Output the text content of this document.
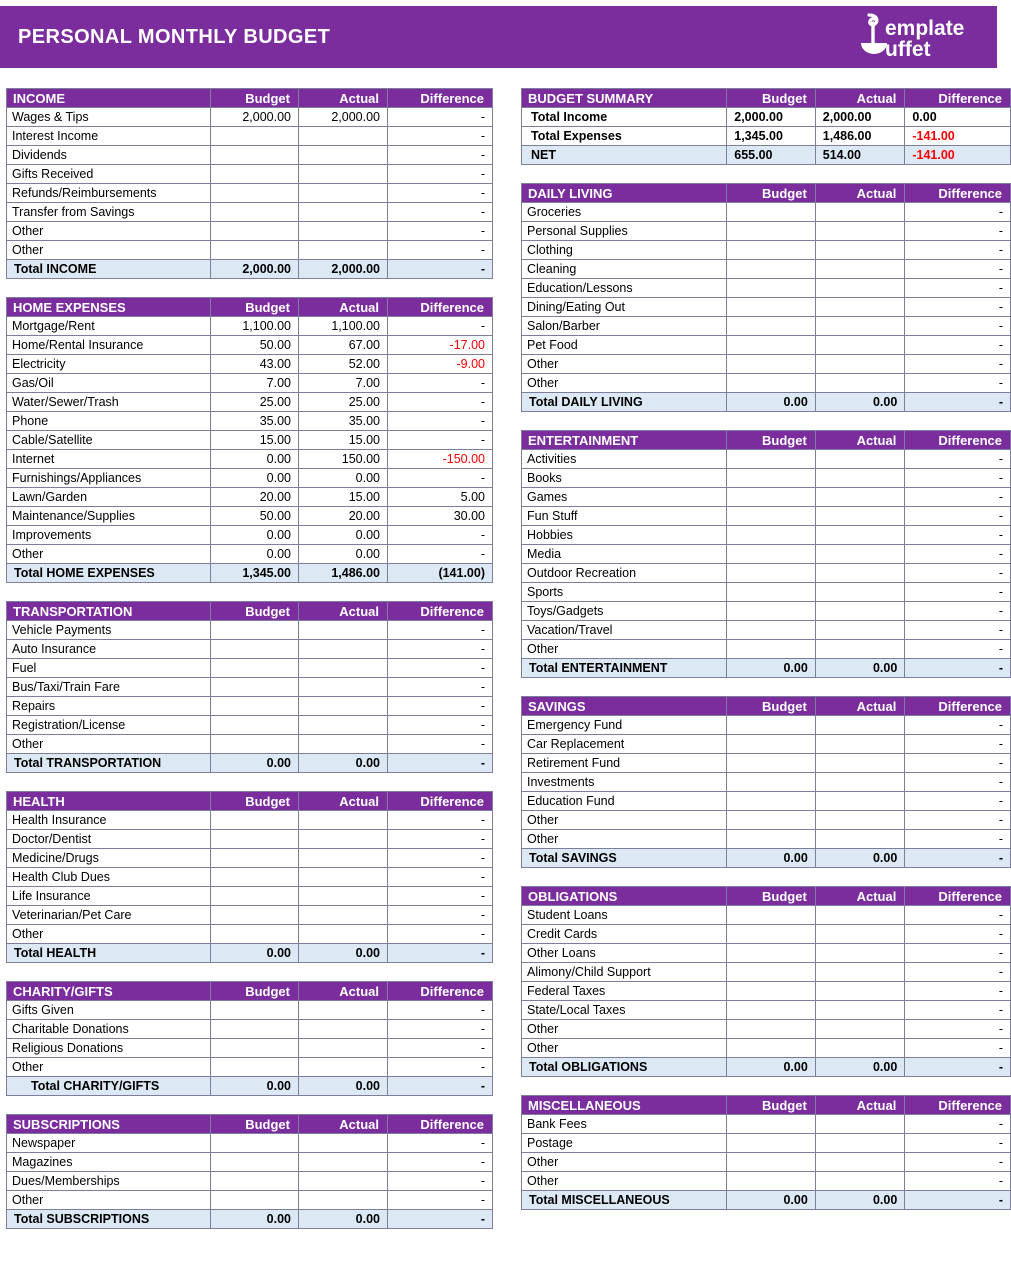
PERSONAL MONTHLY BUDGET	emplate
uffet
INCOME	Budget	Actual	Difference
Wages & Tips	2,000.00	2,000.00	-
Interest Income			-
Dividends			-
Gifts Received			-
Refunds/Reimbursements			-
Transfer from Savings			-
Other			-
Other			-
Total INCOME	2,000.00	2,000.00	-
HOME EXPENSES	Budget	Actual	Difference
Mortgage/Rent	1,100.00	1,100.00	-
Home/Rental Insurance	50.00	67.00	-17.00
Electricity	43.00	52.00	-9.00
Gas/Oil	7.00	7.00	-
Water/Sewer/Trash	25.00	25.00	-
Phone	35.00	35.00	-
Cable/Satellite	15.00	15.00	-
Internet	0.00	150.00	-150.00
Furnishings/Appliances	0.00	0.00	-
Lawn/Garden	20.00	15.00	5.00
Maintenance/Supplies	50.00	20.00	30.00
Improvements	0.00	0.00	-
Other	0.00	0.00	-
Total HOME EXPENSES	1,345.00	1,486.00	(141.00)
TRANSPORTATION	Budget	Actual	Difference
Vehicle Payments			-
Auto Insurance			-
Fuel			-
Bus/Taxi/Train Fare			-
Repairs			-
Registration/License			-
Other			-
Total TRANSPORTATION	0.00	0.00	-
HEALTH	Budget	Actual	Difference
Health Insurance			-
Doctor/Dentist			-
Medicine/Drugs			-
Health Club Dues			-
Life Insurance			-
Veterinarian/Pet Care			-
Other			-
Total HEALTH	0.00	0.00	-
CHARITY/GIFTS	Budget	Actual	Difference
Gifts Given			-
Charitable Donations			-
Religious Donations			-
Other			-
Total CHARITY/GIFTS	0.00	0.00	-
SUBSCRIPTIONS	Budget	Actual	Difference
Newspaper			-
Magazines			-
Dues/Memberships			-
Other			-
Total SUBSCRIPTIONS	0.00	0.00	-
BUDGET SUMMARY	Budget	Actual	Difference
Total Income	2,000.00	2,000.00	0.00
Total Expenses	1,345.00	1,486.00	-141.00
NET	655.00	514.00	-141.00
DAILY LIVING	Budget	Actual	Difference
Groceries			-
Personal Supplies			-
Clothing			-
Cleaning			-
Education/Lessons			-
Dining/Eating Out			-
Salon/Barber			-
Pet Food			-
Other			-
Other			-
Total DAILY LIVING	0.00	0.00	-
ENTERTAINMENT	Budget	Actual	Difference
Activities			-
Books			-
Games			-
Fun Stuff			-
Hobbies			-
Media			-
Outdoor Recreation			-
Sports			-
Toys/Gadgets			-
Vacation/Travel			-
Other			-
Total ENTERTAINMENT	0.00	0.00	-
SAVINGS	Budget	Actual	Difference
Emergency Fund			-
Car Replacement			-
Retirement Fund			-
Investments			-
Education Fund			-
Other			-
Other			-
Total SAVINGS	0.00	0.00	-
OBLIGATIONS	Budget	Actual	Difference
Student Loans			-
Credit Cards			-
Other Loans			-
Alimony/Child Support			-
Federal Taxes			-
State/Local Taxes			-
Other			-
Other			-
Total OBLIGATIONS	0.00	0.00	-
MISCELLANEOUS	Budget	Actual	Difference
Bank Fees			-
Postage			-
Other			-
Other			-
Total MISCELLANEOUS	0.00	0.00	-
